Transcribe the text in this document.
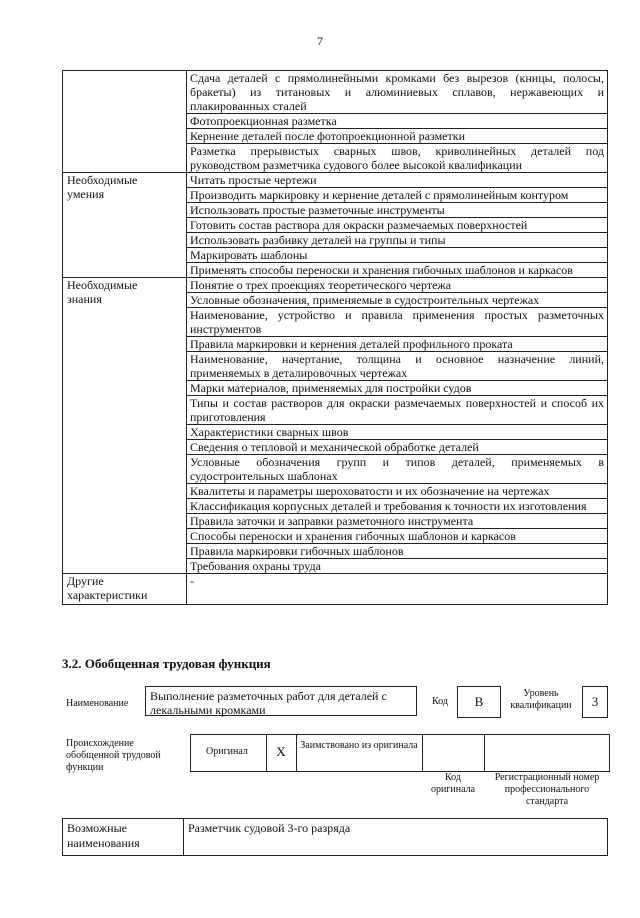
7
	Сдача деталей с прямолинейными кромками без вырезов (кницы, полосы, бракеты) из титановых и алюминиевых сплавов, нержавеющих и плакированных сталей
	Фотопроекционная разметка
	Кернение деталей после фотопроекционной разметки
	Разметка прерывистых сварных швов, криволинейных деталей под руководством разметчика судового более высокой квалификации

Необходимые умения	Читать простые чертежи
	Производить маркировку и кернение деталей с прямолинейным контуром
	Использовать простые разметочные инструменты
	Готовить состав раствора для окраски размечаемых поверхностей
	Использовать разбивку деталей на группы и типы
	Маркировать шаблоны
	Применять способы переноски и хранения гибочных шаблонов и каркасов

Необходимые знания	Понятие о трех проекциях теоретического чертежа
	Условные обозначения, применяемые в судостроительных чертежах
	Наименование, устройство и правила применения простых разметочных инструментов
	Правила маркировки и кернения деталей профильного проката
	Наименование, начертание, толщина и основное назначение линий, применяемых в деталировочных чертежах
	Марки материалов, применяемых для постройки судов
	Типы и состав растворов для окраски размечаемых поверхностей и способ их приготовления
	Характеристики сварных швов
	Сведения о тепловой и механической обработке деталей
	Условные обозначения групп и типов деталей, применяемых в судостроительных шаблонах
	Квалитеты и параметры шероховатости и их обозначение на чертежах
	Классификация корпусных деталей и требования к точности их изготовления
	Правила заточки и заправки разметочного инструмента
	Способы переноски и хранения гибочных шаблонов и каркасов
	Правила маркировки гибочных шаблонов
	Требования охраны труда

Другие характеристики	-
3.2. Обобщенная трудовая функция
Наименование
Выполнение разметочных работ для деталей с лекальными кромками
Код	B
Уровень квалификации	3
Происхождение обобщенной трудовой функции
Оригинал	X	Заимствовано из оригинала
Код оригинала
Регистрационный номер профессионального стандарта
Возможные наименования	Разметчик судовой 3-го разряда
